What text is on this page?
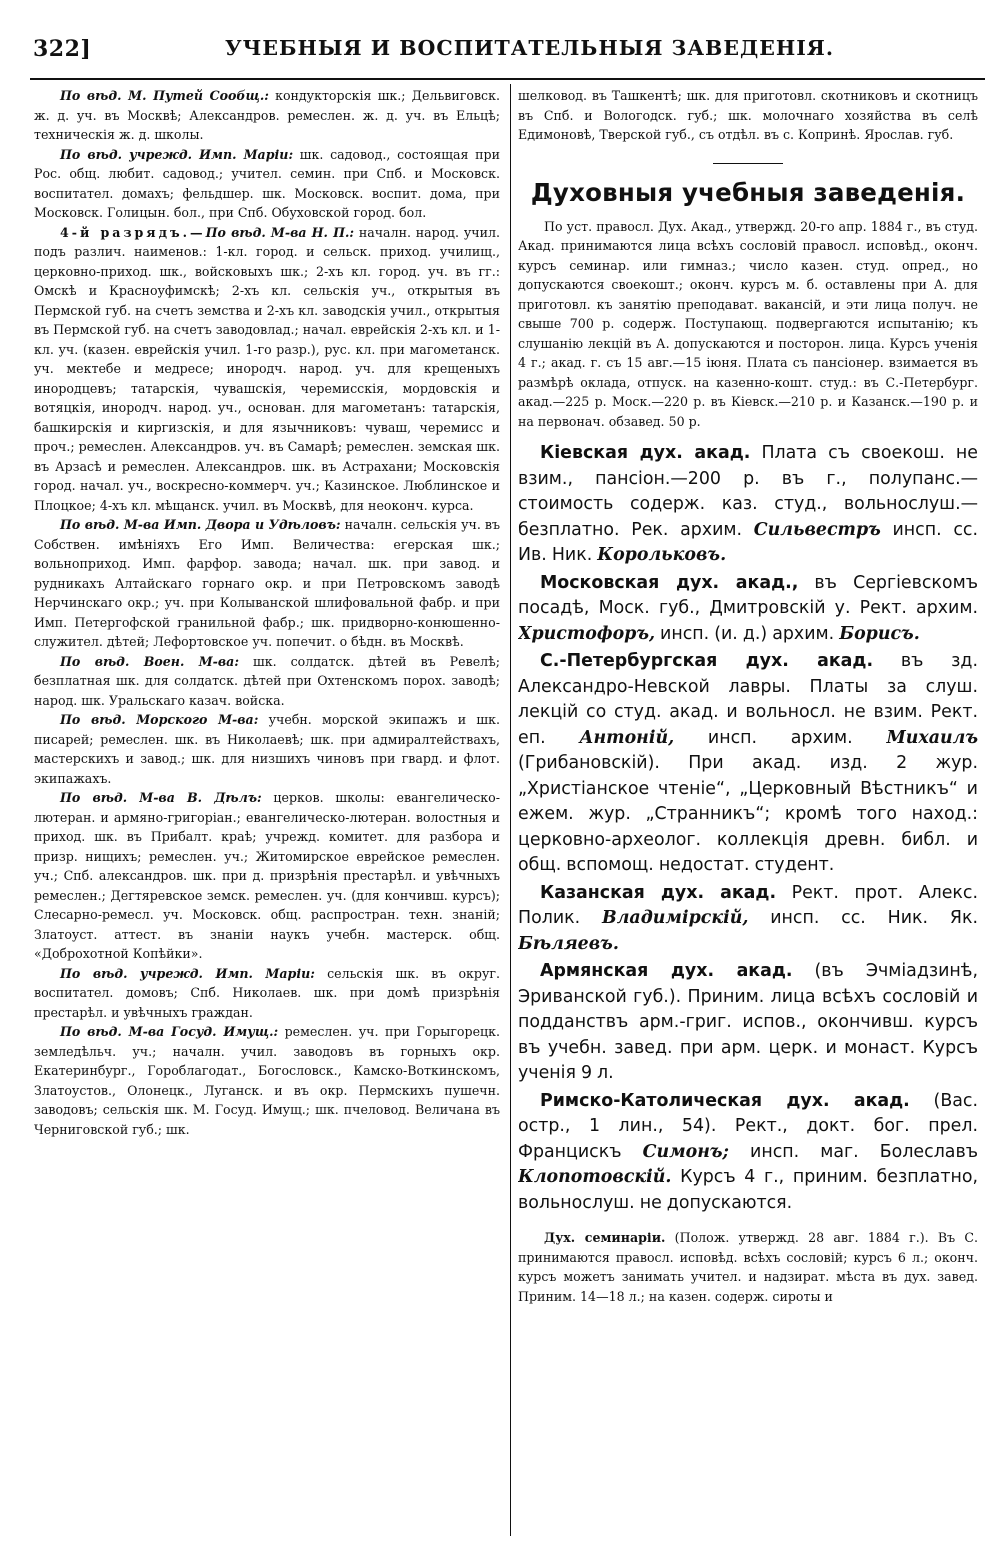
322]	УЧЕБНЫЯ И ВОСПИТАТЕЛЬНЫЯ ЗАВЕДЕНІЯ.

По вѣд. М. Путей Сообщ.: кондукторскія шк.; Дельвиговск. ж. д. уч. въ Москвѣ; Александров. ремеслен. ж. д. уч. въ Ельцѣ; техническія ж. д. школы.

По вѣд. учрежд. Имп. Маріи: шк. садовод., состоящая при Рос. общ. любит. садовод.; учител. семин. при Спб. и Московск. воспитател. домахъ; фельдшер. шк. Московск. воспит. дома, при Московск. Голицын. бол., при Спб. Обуховской город. бол.

4-й разрядъ.—По вѣд. М-ва Н. П.: началн. народ. учил. подъ различ. наименов.: 1-кл. город. и сельск. приход. училищ., церковно-приход. шк., войсковыхъ шк.; 2-хъ кл. город. уч. въ гг.: Омскѣ и Красноуфимскѣ; 2-хъ кл. сельскія уч., открытыя въ Пермской губ. на счетъ земства и 2-хъ кл. заводскія учил., открытыя въ Пермской губ. на счетъ заводовлад.; начал. еврейскія 2-хъ кл. и 1-кл. уч. (казен. еврейскія учил. 1-го разр.), рус. кл. при магометанск. уч. мектебе и медресе; инородч. народ. уч. для крещеныхъ инородцевъ; татарскія, чувашскія, черемисскія, мордовскія и вотяцкія, инородч. народ. уч., основан. для магометанъ: татарскія, башкирскія и киргизскія, и для язычниковъ: чуваш, черемисс и проч.; ремеслен. Александров. уч. въ Самарѣ; ремеслен. земская шк. въ Арзасѣ и ремеслен. Александров. шк. въ Астрахани; Московскія город. начал. уч., воскресно-коммерч. уч.; Казинское. Люблинское и Плоцкое; 4-хъ кл. мѣщанск. учил. въ Москвѣ, для неоконч. курса.

По вѣд. М-ва Имп. Двора и Удѣловъ: началн. сельскія уч. въ Собствен. имѣніяхъ Его Имп. Величества: егерская шк.; вольноприход. Имп. фарфор. завода; начал. шк. при завод. и рудникахъ Алтайскаго горнаго окр. и при Петровскомъ заводѣ Нерчинскаго окр.; уч. при Колыванской шлифовальной фабр. и при Имп. Петергофской гранильной фабр.; шк. придворно-конюшенно-служител. дѣтей; Лефортовское уч. попечит. о бѣдн. въ Москвѣ.

По вѣд. Воен. М-ва: шк. солдатск. дѣтей въ Ревелѣ; безплатная шк. для солдатск. дѣтей при Охтенскомъ порох. заводѣ; народ. шк. Уральскаго казач. войска.

По вѣд. Морского М-ва: учебн. морской экипажъ и шк. писарей; ремеслен. шк. въ Николаевѣ; шк. при адмиралтействахъ, мастерскихъ и завод.; шк. для низшихъ чиновъ при гвард. и флот. экипажахъ.

По вѣд. М-ва В. Дѣлъ: церков. школы: евангелическо-лютеран. и армяно-григоріан.; евангелическо-лютеран. волостныя и приход. шк. въ Прибалт. краѣ; учрежд. комитет. для разбора и призр. нищихъ; ремеслен. уч.; Житомирское еврейское ремеслен. уч.; Спб. александров. шк. при д. призрѣнія престарѣл. и увѣчныхъ ремеслен.; Дегтяревское земск. ремеслен. уч. (для кончивш. курсъ); Слесарно-ремесл. уч. Московск. общ. распростран. техн. знаній; Златоуст. аттест. въ знаніи наукъ учебн. мастерск. общ. «Доброхотной Копѣйки».

По вѣд. учрежд. Имп. Маріи: сельскія шк. въ округ. воспитател. домовъ; Спб. Николаев. шк. при домѣ призрѣнія престарѣл. и увѣчныхъ граждан.

По вѣд. М-ва Госуд. Имущ.: ремеслен. уч. при Горыгорецк. земледѣльч. уч.; началн. учил. заводовъ въ горныхъ окр. Екатеринбург., Гороблагодат., Богословск., Камско-Воткинскомъ, Златоустов., Олонецк., Луганск. и въ окр. Пермскихъ пушечн. заводовъ; сельскія шк. М. Госуд. Имущ.; шк. пчеловод. Величана въ Черниговской губ.; шк.

шелковод. въ Ташкентѣ; шк. для приготовл. скотниковъ и скотницъ въ Спб. и Вологодск. губ.; шк. молочнаго хозяйства въ селѣ Едимоновѣ, Тверской губ., съ отдѣл. въ с. Копринѣ. Ярослав. губ.

Духовныя учебныя заведенія.

По уст. правосл. Дух. Акад., утвержд. 20-го апр. 1884 г., въ студ. Акад. принимаются лица всѣхъ сословій правосл. исповѣд., оконч. курсъ семинар. или гимназ.; число казен. студ. опред., но допускаются своекошт.; оконч. курсъ м. б. оставлены при А. для приготовл. къ занятію преподават. вакансій, и эти лица получ. не свыше 700 р. содерж. Поступающ. подвергаются испытанію; къ слушанію лекцій въ А. допускаются и посторон. лица. Курсъ ученія 4 г.; акад. г. съ 15 авг.—15 іюня. Плата съ пансіонер. взимается въ размѣрѣ оклада, отпуск. на казенно-кошт. студ.: въ С.-Петербург. акад.—225 р. Моск.—220 р. въ Кіевск.—210 р. и Казанск.—190 р. и на первонач. обзавед. 50 р.

Кіевская дух. акад. Плата съ своекош. не взим., пансіон.—200 р. въ г., полупанс.—стоимость содерж. каз. студ., вольнослуш.—безплатно. Рек. архим. Сильвестръ инсп. сс. Ив. Ник. Корольковъ.

Московская дух. акад., въ Сергіевскомъ посадѣ, Моск. губ., Дмитровскій у. Рект. архим. Христофоръ, инсп. (и. д.) архим. Борисъ.

С.-Петербургская дух. акад. въ зд. Александро-Невской лавры. Платы за слуш. лекцій со студ. акад. и вольносл. не взим. Рект. еп. Антоній, инсп. архим. Михаилъ (Грибановскій). При акад. изд. 2 жур. „Христіанское чтеніе“, „Церковный Вѣстникъ“ и ежем. жур. „Странникъ“; кромѣ того наход.: церковно-археолог. коллекція древн. библ. и общ. вспомощ. недостат. студент.

Казанская дух. акад. Рект. прот. Алекс. Полик. Владимірскій, инсп. сс. Ник. Як. Бѣляевъ.

Армянская дух. акад. (въ Эчміадзинѣ, Эриванской губ.). Приним. лица всѣхъ сословій и подданствъ арм.-григ. испов., окончивш. курсъ въ учебн. завед. при арм. церк. и монаст. Курсъ ученія 9 л.

Римско-Католическая дух. акад. (Вас. остр., 1 лин., 54). Рект., докт. бог. прел. Францискъ Симонъ; инсп. маг. Болеславъ Клопотовскій. Курсъ 4 г., приним. безплатно, вольнослуш. не допускаются.

Дух. семинаріи. (Полож. утвержд. 28 авг. 1884 г.). Въ С. принимаются правосл. исповѣд. всѣхъ сословій; курсъ 6 л.; оконч. курсъ можетъ занимать учител. и надзират. мѣста въ дух. завед. Приним. 14—18 л.; на казен. содерж. сироты и
